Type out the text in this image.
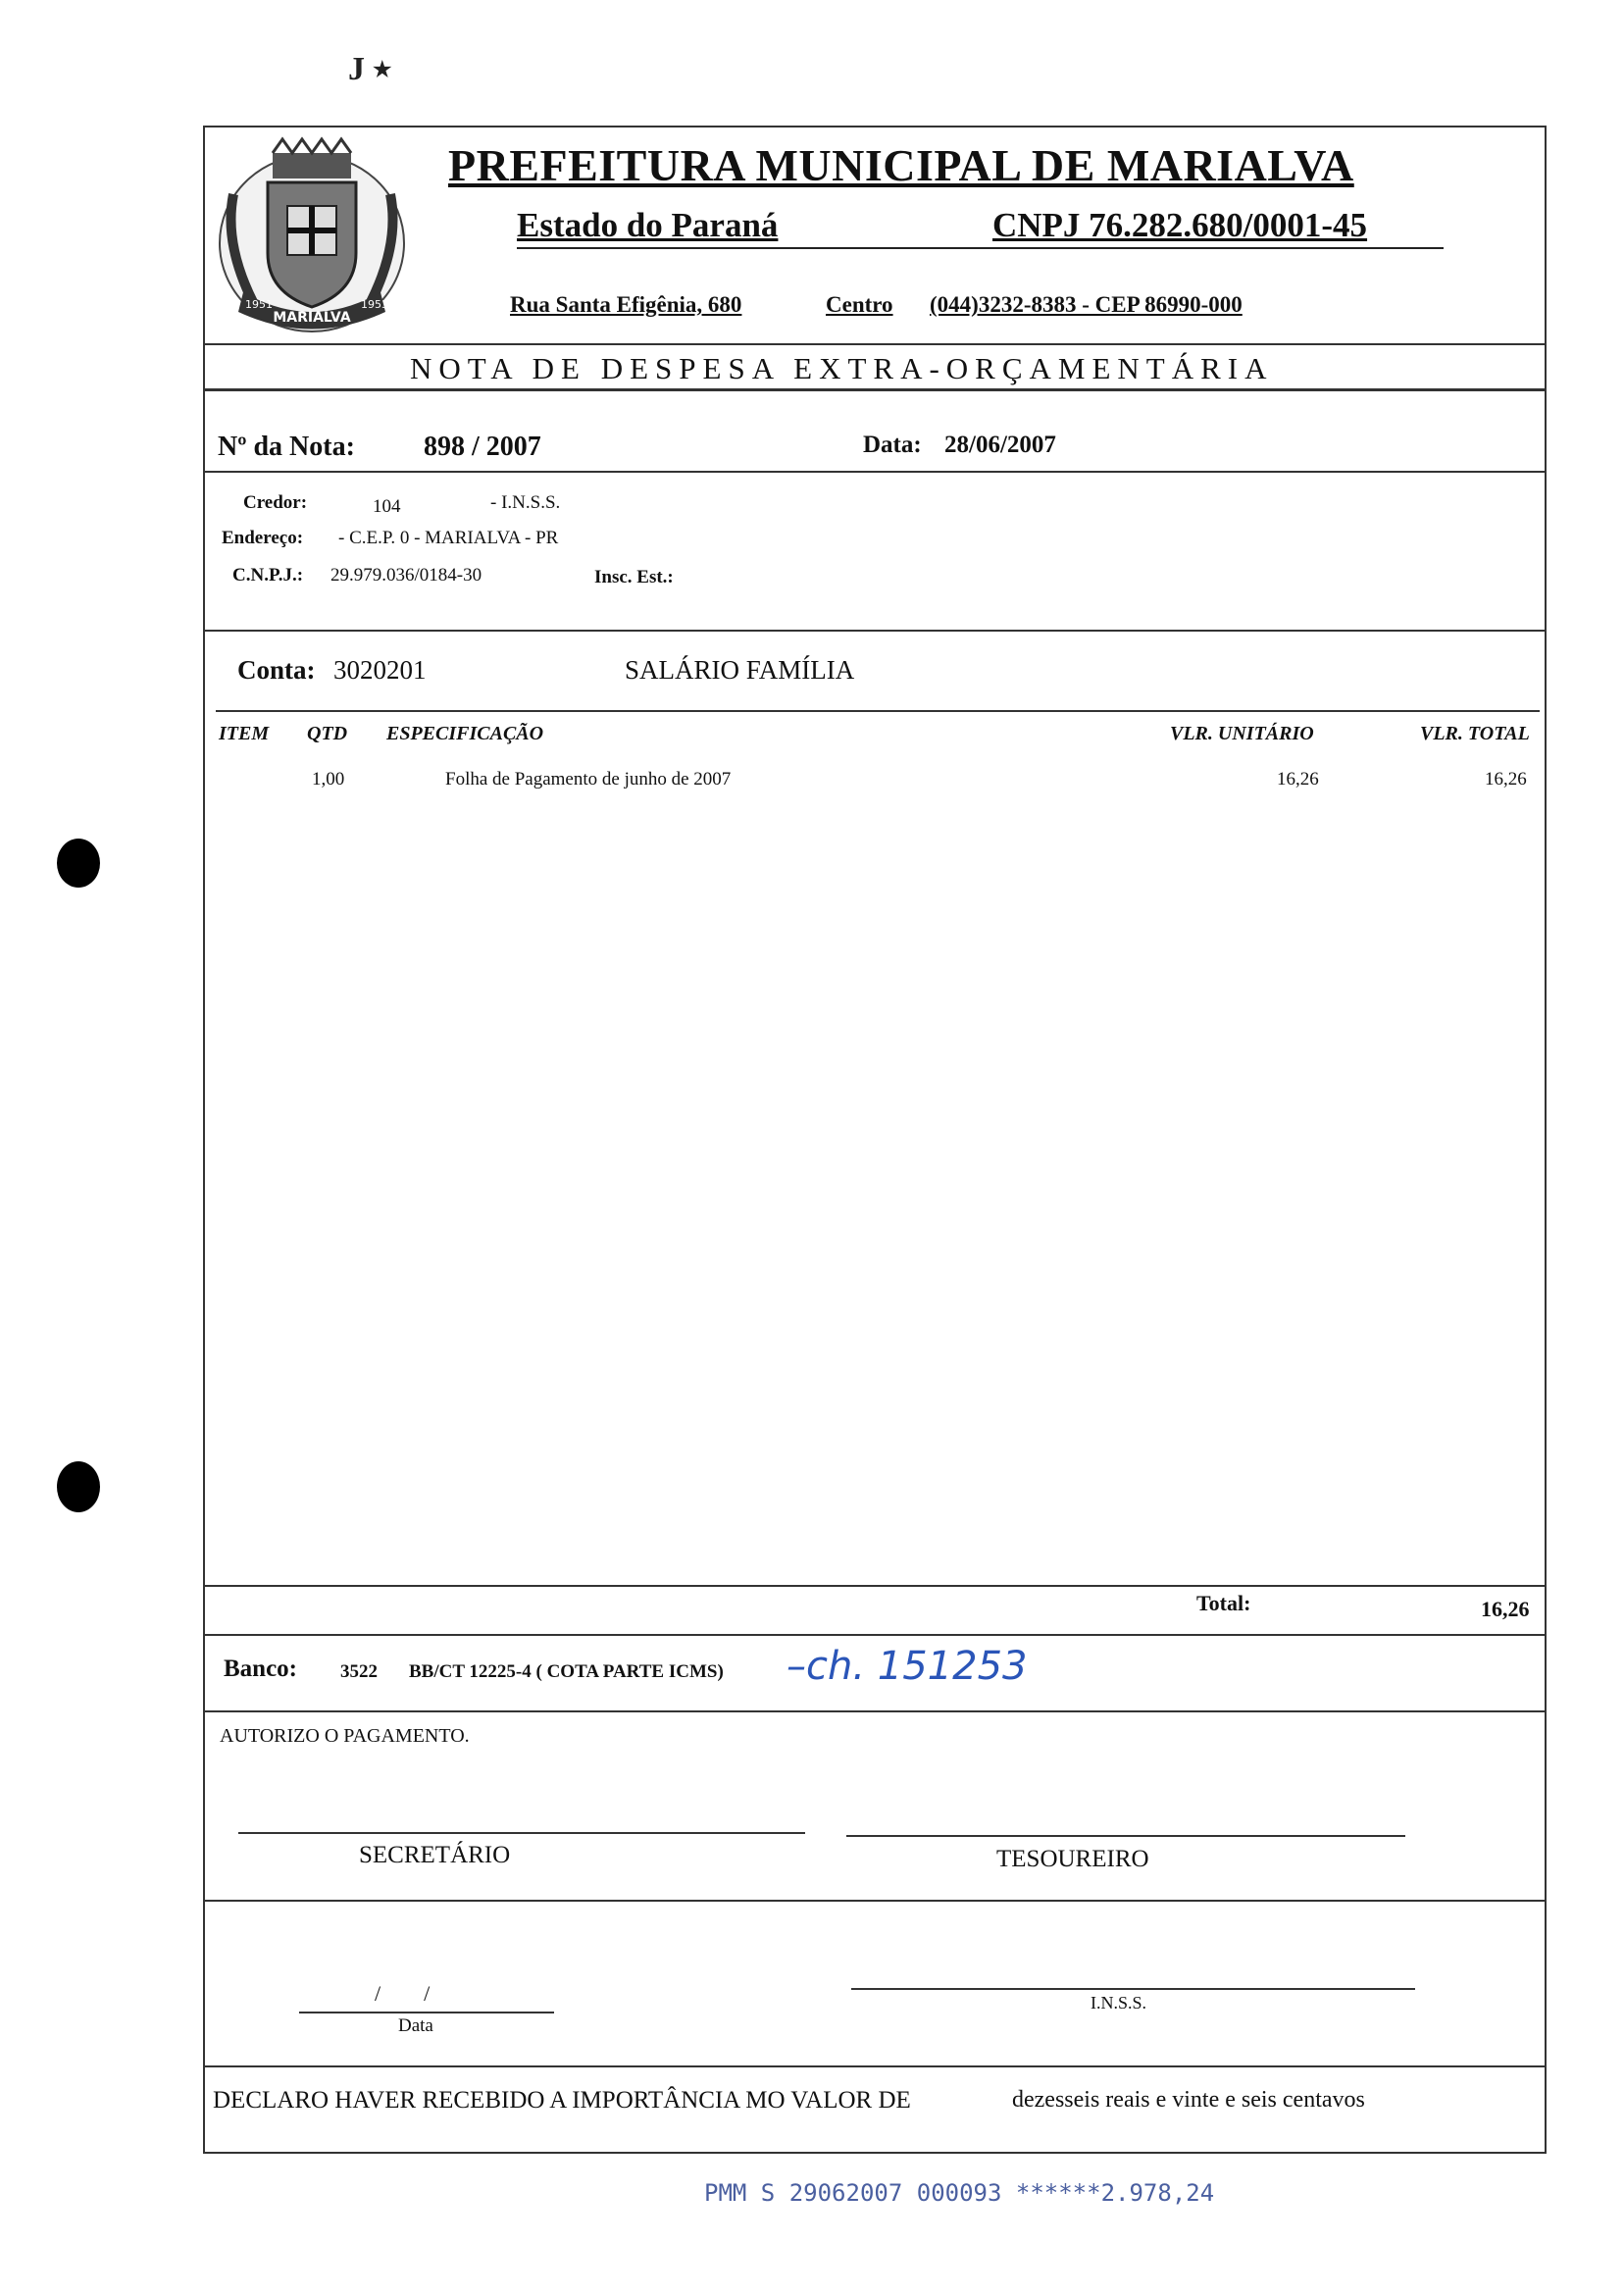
J ٭
MARIALVA
1951	1953
PREFEITURA MUNICIPAL DE MARIALVA
Estado do Paraná	CNPJ 76.282.680/0001-45
Rua Santa Efigênia, 680	Centro (044)3232-8383 - CEP 86990-000
NOTA DE DESPESA EXTRA-ORÇAMENTÁRIA
Nº da Nota:	898 / 2007	Data: 28/06/2007
Credor:	104	- I.N.S.S.
Endereço: - C.E.P. 0 - MARIALVA - PR
C.N.P.J.: 29.979.036/0184-30	Insc. Est.:
Conta: 3020201	SALÁRIO FAMÍLIA
ITEM QTD ESPECIFICAÇÃO	VLR. UNITÁRIO	VLR. TOTAL
1,00	Folha de Pagamento de junho de 2007	16,26	16,26
Total:	16,26
Banco: 3522 BB/CT 12225-4 ( COTA PARTE ICMS) –ch. 151253
AUTORIZO O PAGAMENTO.
SECRETÁRIO	TESOUREIRO
/        /
Data
I.N.S.S.
DECLARO HAVER RECEBIDO A IMPORTÂNCIA MO VALOR DE	dezesseis reais e vinte e seis centavos
PMM S 29062007 000093 ******2.978,24
